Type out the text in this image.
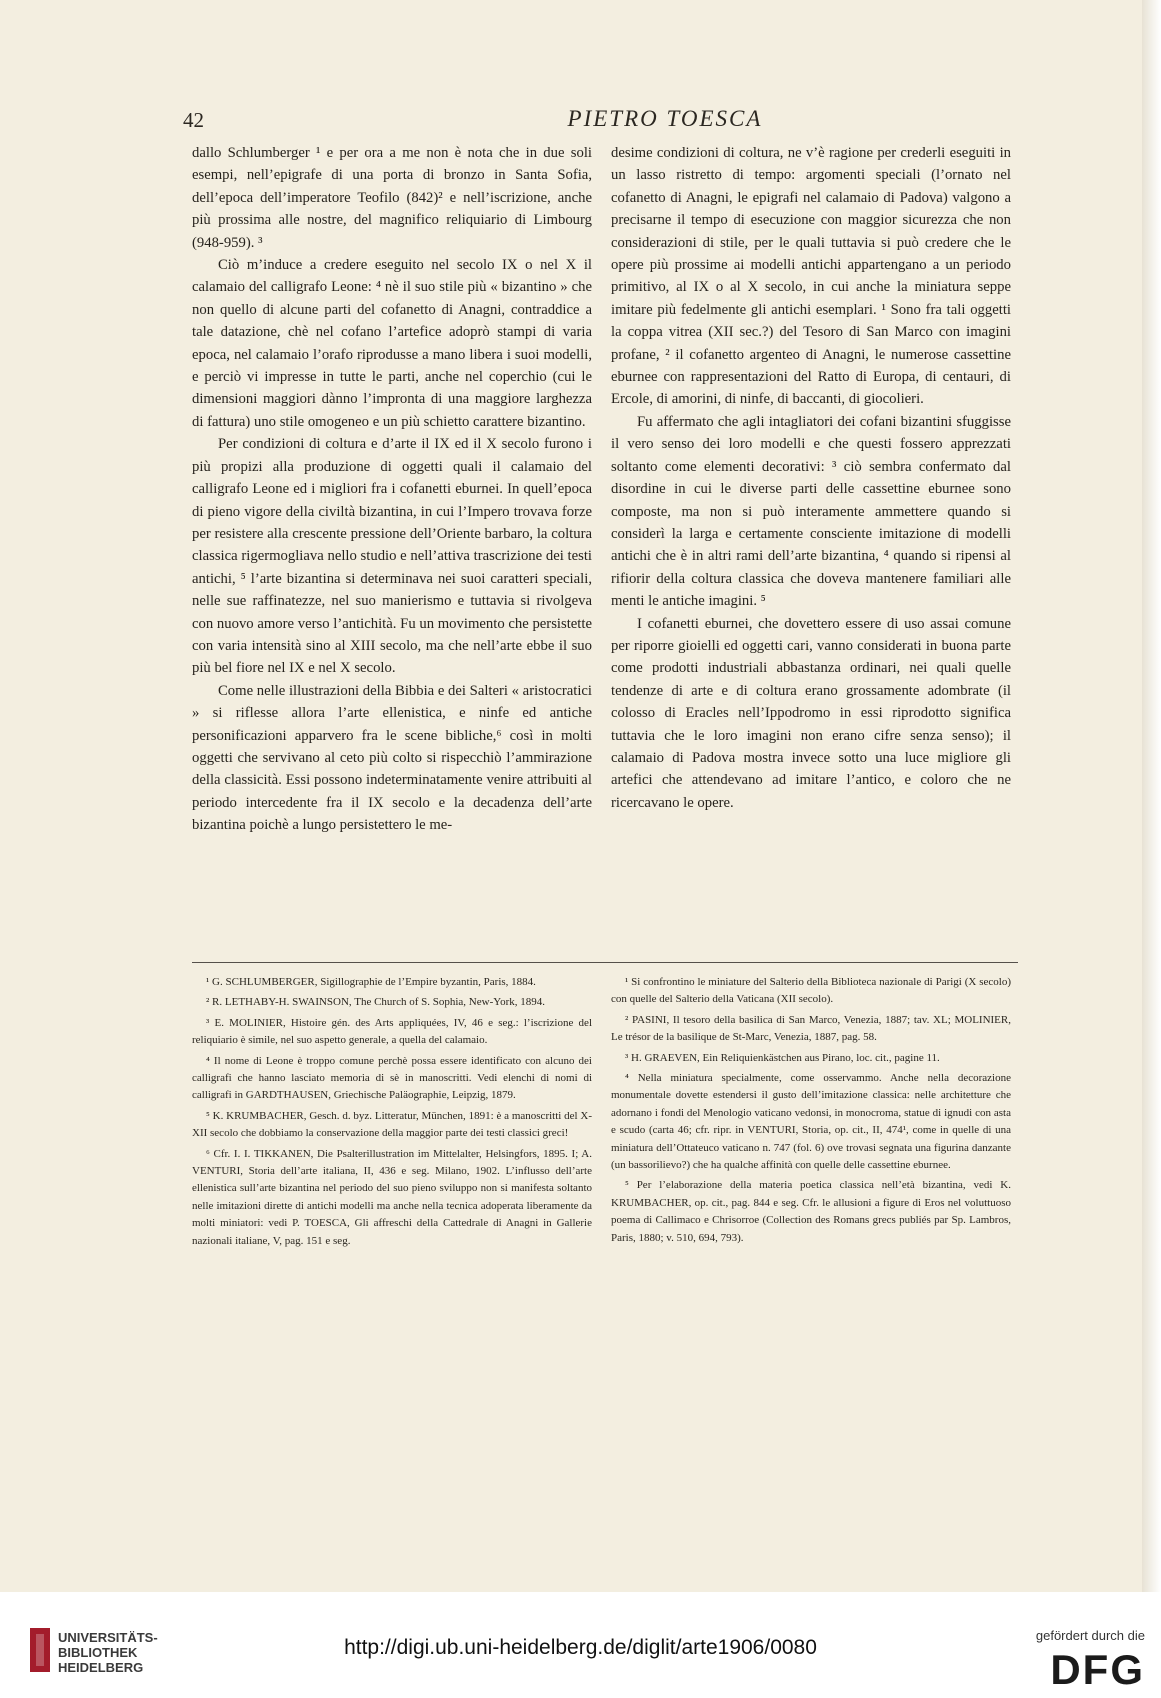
42	PIETRO TOESCA

dallo Schlumberger ¹ e per ora a me non è nota che in due soli esempi, nell’epigrafe di una porta di bronzo in Santa Sofia, dell’epoca dell’imperatore Teofilo (842)² e nell’iscrizione, anche più prossima alle nostre, del magnifico reliquiario di Limbourg (948-959). ³

Ciò m’induce a credere eseguito nel secolo IX o nel X il calamaio del calligrafo Leone: ⁴ nè il suo stile più « bizantino » che non quello di alcune parti del cofanetto di Anagni, contraddice a tale datazione, chè nel cofano l’artefice adoprò stampi di varia epoca, nel calamaio l’orafo riprodusse a mano libera i suoi modelli, e perciò vi impresse in tutte le parti, anche nel coperchio (cui le dimensioni maggiori dànno l’impronta di una maggiore larghezza di fattura) uno stile omogeneo e un più schietto carattere bizantino.

Per condizioni di coltura e d’arte il IX ed il X secolo furono i più propizi alla produzione di oggetti quali il calamaio del calligrafo Leone ed i migliori fra i cofanetti eburnei. In quell’epoca di pieno vigore della civiltà bizantina, in cui l’Impero trovava forze per resistere alla crescente pressione dell’Oriente barbaro, la coltura classica rigermogliava nello studio e nell’attiva trascrizione dei testi antichi, ⁵ l’arte bizantina si determinava nei suoi caratteri speciali, nelle sue raffinatezze, nel suo manierismo e tuttavia si rivolgeva con nuovo amore verso l’antichità. Fu un movimento che persistette con varia intensità sino al XIII secolo, ma che nell’arte ebbe il suo più bel fiore nel IX e nel X secolo.

Come nelle illustrazioni della Bibbia e dei Salteri « aristocratici » si riflesse allora l’arte ellenistica, e ninfe ed antiche personificazioni apparvero fra le scene bibliche,⁶ così in molti oggetti che servivano al ceto più colto si rispecchiò l’ammirazione della classicità. Essi possono indeterminatamente venire attribuiti al periodo intercedente fra il IX secolo e la decadenza dell’arte bizantina poichè a lungo persistettero le me-

desime condizioni di coltura, ne v’è ragione per crederli eseguiti in un lasso ristretto di tempo: argomenti speciali (l’ornato nel cofanetto di Anagni, le epigrafi nel calamaio di Padova) valgono a precisarne il tempo di esecuzione con maggior sicurezza che non considerazioni di stile, per le quali tuttavia si può credere che le opere più prossime ai modelli antichi appartengano a un periodo primitivo, al IX o al X secolo, in cui anche la miniatura seppe imitare più fedelmente gli antichi esemplari. ¹ Sono fra tali oggetti la coppa vitrea (XII sec.?) del Tesoro di San Marco con imagini profane, ² il cofanetto argenteo di Anagni, le numerose cassettine eburnee con rappresentazioni del Ratto di Europa, di centauri, di Ercole, di amorini, di ninfe, di baccanti, di giocolieri.

Fu affermato che agli intagliatori dei cofani bizantini sfuggisse il vero senso dei loro modelli e che questi fossero apprezzati soltanto come elementi decorativi: ³ ciò sembra confermato dal disordine in cui le diverse parti delle cassettine eburnee sono composte, ma non si può interamente ammettere quando si considerì la larga e certamente consciente imitazione di modelli antichi che è in altri rami dell’arte bizantina, ⁴ quando si ripensi al rifiorir della coltura classica che doveva mantenere familiari alle menti le antiche imagini. ⁵

I cofanetti eburnei, che dovettero essere di uso assai comune per riporre gioielli ed oggetti cari, vanno considerati in buona parte come prodotti industriali abbastanza ordinari, nei quali quelle tendenze di arte e di coltura erano grossamente adombrate (il colosso di Eracles nell’Ippodromo in essi riprodotto significa tuttavia che le loro imagini non erano cifre senza senso); il calamaio di Padova mostra invece sotto una luce migliore gli artefici che attendevano ad imitare l’antico, e coloro che ne ricercavano le opere.

¹ G. SCHLUMBERGER, Sigillographie de l’Empire byzantin, Paris, 1884.

² R. LETHABY-H. SWAINSON, The Church of S. Sophia, New-York, 1894.

³ E. MOLINIER, Histoire gén. des Arts appliquées, IV, 46 e seg.: l’iscrizione del reliquiario è simile, nel suo aspetto generale, a quella del calamaio.

⁴ Il nome di Leone è troppo comune perchè possa essere identificato con alcuno dei calligrafi che hanno lasciato memoria di sè in manoscritti. Vedi elenchi di nomi di calligrafi in GARDTHAUSEN, Griechische Paläographie, Leipzig, 1879.

⁵ K. KRUMBACHER, Gesch. d. byz. Litteratur, München, 1891: è a manoscritti del X-XII secolo che dobbiamo la conservazione della maggior parte dei testi classici greci!

⁶ Cfr. I. I. TIKKANEN, Die Psalterillustration im Mittelalter, Helsingfors, 1895. I; A. VENTURI, Storia dell’arte italiana, II, 436 e seg. Milano, 1902. L’influsso dell’arte ellenistica sull’arte bizantina nel periodo del suo pieno sviluppo non si manifesta soltanto nelle imitazioni dirette di antichi modelli ma anche nella tecnica adoperata liberamente da molti miniatori: vedi P. TOESCA, Gli affreschi della Cattedrale di Anagni in Gallerie nazionali italiane, V, pag. 151 e seg.

¹ Si confrontino le miniature del Salterio della Biblioteca nazionale di Parigi (X secolo) con quelle del Salterio della Vaticana (XII secolo).

² PASINI, Il tesoro della basilica di San Marco, Venezia, 1887; tav. XL; MOLINIER, Le trésor de la basilique de St-Marc, Venezia, 1887, pag. 58.

³ H. GRAEVEN, Ein Reliquienkästchen aus Pirano, loc. cit., pagine 11.

⁴ Nella miniatura specialmente, come osservammo. Anche nella decorazione monumentale dovette estendersi il gusto dell’imitazione classica: nelle architetture che adornano i fondi del Menologio vaticano vedonsi, in monocroma, statue di ignudi con asta e scudo (carta 46; cfr. ripr. in VENTURI, Storia, op. cit., II, 474¹, come in quelle di una miniatura dell’Ottateuco vaticano n. 747 (fol. 6) ove trovasi segnata una figurina danzante (un bassorilievo?) che ha qualche affinità con quelle delle cassettine eburnee.

⁵ Per l’elaborazione della materia poetica classica nell’età bizantina, vedi K. KRUMBACHER, op. cit., pag. 844 e seg. Cfr. le allusioni a figure di Eros nel voluttuoso poema di Callimaco e Chrisorroe (Collection des Romans grecs publiés par Sp. Lambros, Paris, 1880; v. 510, 694, 793).

UNIVERSITÄTS-
BIBLIOTHEK
HEIDELBERG
http://digi.ub.uni-heidelberg.de/diglit/arte1906/0080
gefördert durch die
DFG
